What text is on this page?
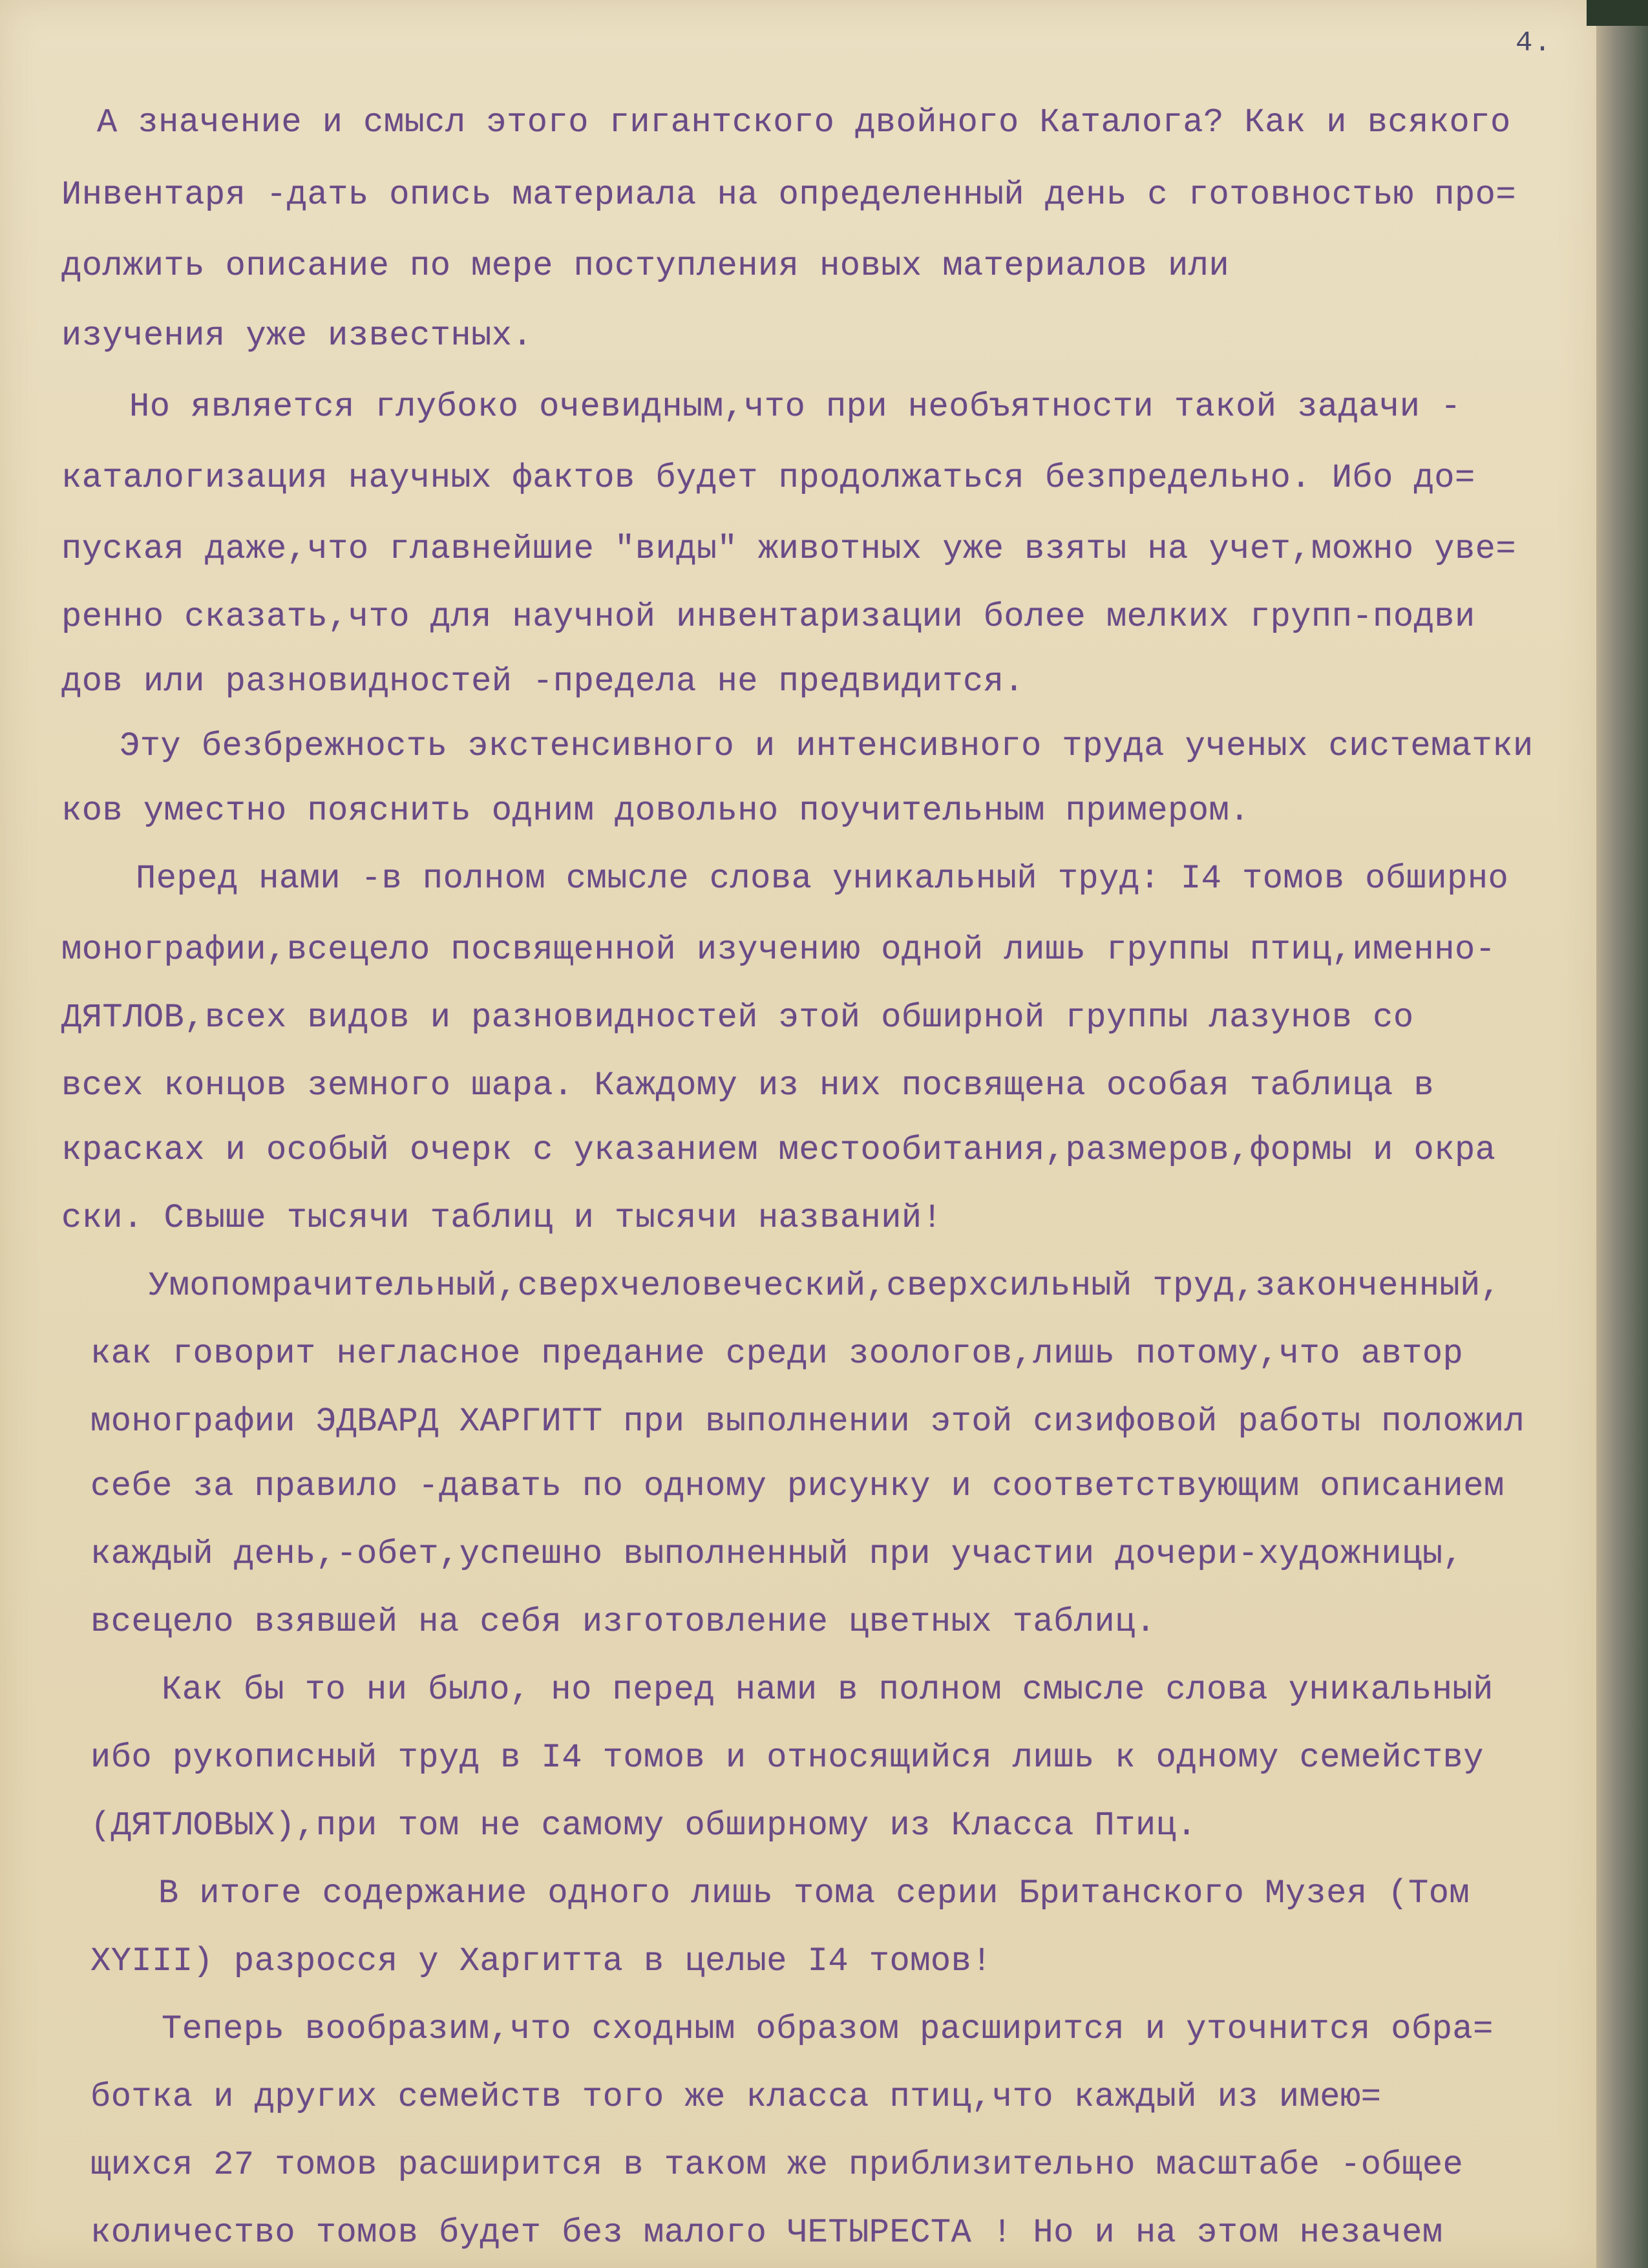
4.
А значение и смысл этого гигантского двойного Каталога? Как и всякого
Инвентаря -дать опись материала на определенный день с готовностью про=
должить описание по мере поступления новых материалов или
изучения уже известных.
Но является глубоко очевидным,что при необъятности такой задачи -
каталогизация научных фактов будет продолжаться безпредельно. Ибо до=
пуская даже,что главнейшие "виды" животных уже взяты на учет,можно уве=
ренно сказать,что для научной инвентаризации более мелких групп-подви
дов или разновидностей -предела не предвидится.
Эту безбрежность экстенсивного и интенсивного труда ученых систематки
ков уместно пояснить одним довольно поучительным примером.
Перед нами -в полном смысле слова уникальный труд: I4 томов обширно
монографии,всецело посвященной изучению одной лишь группы птиц,именно-
ДЯТЛОВ,всех видов и разновидностей этой обширной группы лазунов со
всех концов земного шара. Каждому из них посвящена особая таблица в
красках и особый очерк с указанием местообитания,размеров,формы и окра
ски. Свыше тысячи таблиц и тысячи названий!
Умопомрачительный,сверхчеловеческий,сверхсильный труд,законченный,
как говорит негласное предание среди зоологов,лишь потому,что автор
монографии ЭДВАРД ХАРГИТТ при выполнении этой сизифовой работы положил
себе за правило -давать по одному рисунку и соответствующим описанием
каждый день,-обет,успешно выполненный при участии дочери-художницы,
всецело взявшей на себя изготовление цветных таблиц.
Как бы то ни было, но перед нами в полном смысле слова уникальный
ибо рукописный труд в I4 томов и относящийся лишь к одному семейству
(ДЯТЛОВЫХ),при том не самому обширному из Класса Птиц.
В итоге содержание одного лишь тома серии Британского Музея (Том
XYIII) разросся у Харгитта в целые I4 томов!
Теперь вообразим,что сходным образом расширится и уточнится обра=
ботка и других семейств того же класса птиц,что каждый из имею=
щихся 27 томов расширится в таком же приблизительно масштабе -общее
количество томов будет без малого ЧЕТЫРЕСТА ! Но и на этом незачем
